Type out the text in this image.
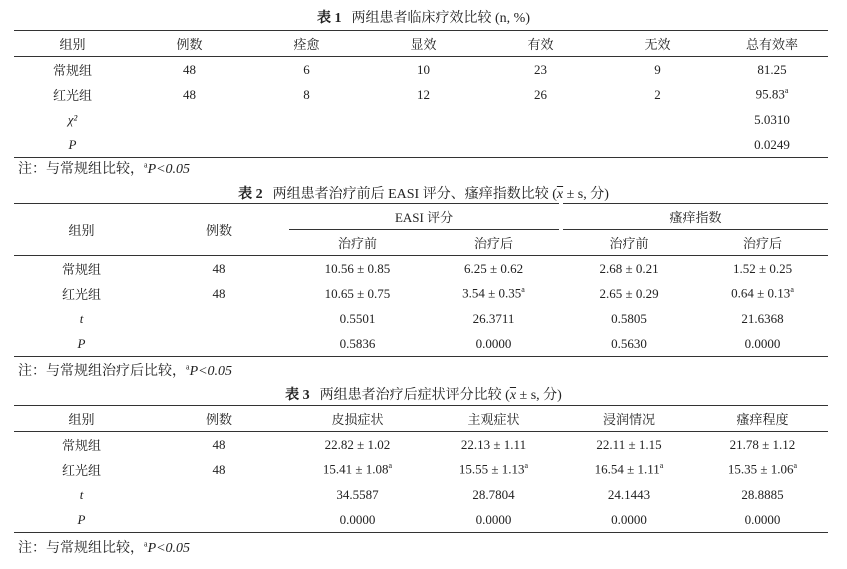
表 1 两组患者临床疗效比较 (n, %)
组别	例数	痊愈	显效	有效	无效	总有效率
常规组	48	6	10	23	9	81.25
红光组	48	8	12	26	2	95.83$^a$
χ²						5.0310
P						0.0249
注：与常规组比较，$^a$P<0.05
表 2 两组患者治疗前后 EASI 评分、瘙痒指数比较 ($\overline{x} \pm s$, 分)
组别	例数	EASI 评分		瘙痒指数	
		治疗前	治疗后	治疗前	治疗后
常规组	48	10.56 ± 0.85	6.25 ± 0.62	2.68 ± 0.21	1.52 ± 0.25
红光组	48	10.65 ± 0.75	3.54 ± 0.35$^a$	2.65 ± 0.29	0.64 ± 0.13$^a$
t		0.5501	26.3711	0.5805	21.6368
P		0.5836	0.0000	0.5630	0.0000
注：与常规组治疗后比较，$^a$P<0.05
表 3 两组患者治疗后症状评分比较 ($\overline{x} \pm s$, 分)
组别	例数	皮损症状	主观症状	浸润情况	瘙痒程度
常规组	48	22.82 ± 1.02	22.13 ± 1.11	22.11 ± 1.15	21.78 ± 1.12
红光组	48	15.41 ± 1.08$^a$	15.55 ± 1.13$^a$	16.54 ± 1.11$^a$	15.35 ± 1.06$^a$
t		34.5587	28.7804	24.1443	28.8885
P		0.0000	0.0000	0.0000	0.0000
注：与常规组比较，$^a$P<0.05
